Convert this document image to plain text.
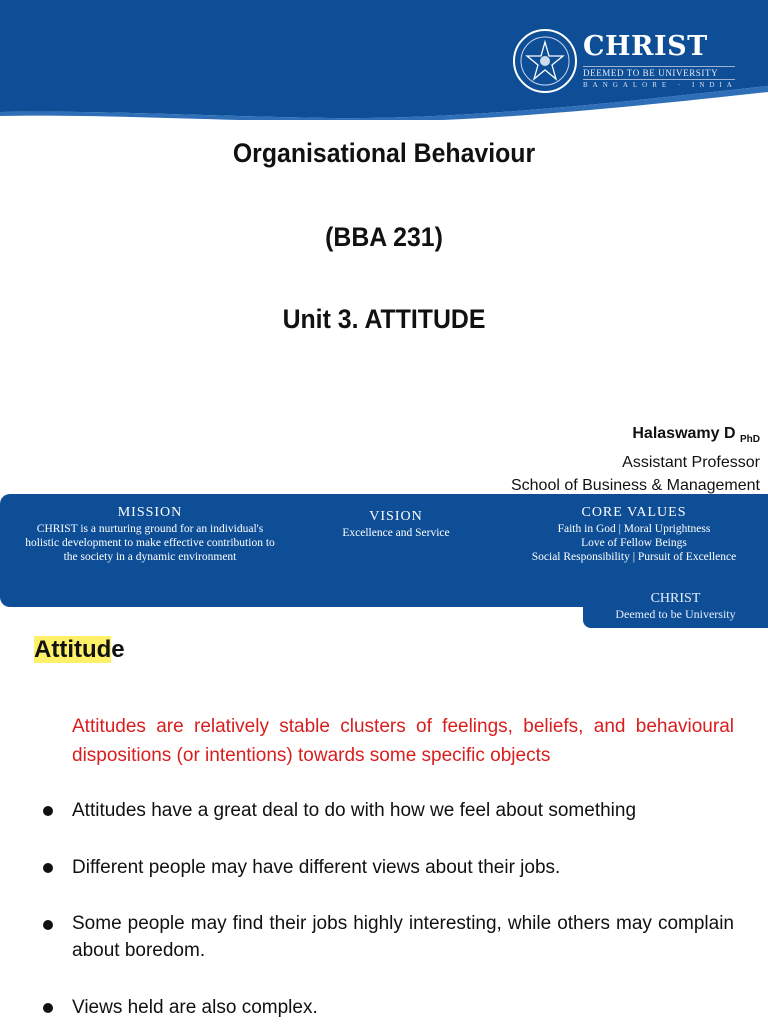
CHRIST
DEEMED TO BE UNIVERSITY
BANGALORE · INDIA
Organisational Behaviour
(BBA 231)
Unit 3. ATTITUDE
Halaswamy D $_{PhD}$
Assistant Professor
School of Business & Management
MISSION
CHRIST is a nurturing ground for an individual's
holistic development to make effective contribution to
the society in a dynamic environment
VISION
Excellence and Service
CORE VALUES
Faith in God | Moral Uprightness
Love of Fellow Beings
Social Responsibility | Pursuit of Excellence
CHRIST
Deemed to be University
Attitude
Attitudes are relatively stable clusters of feelings, beliefs, and behavioural dispositions (or intentions) towards some specific objects
Attitudes have a great deal to do with how we feel about something
Different people may have different views about their jobs.
Some people may find their jobs highly interesting, while others may complain about boredom.
Views held are also complex.
